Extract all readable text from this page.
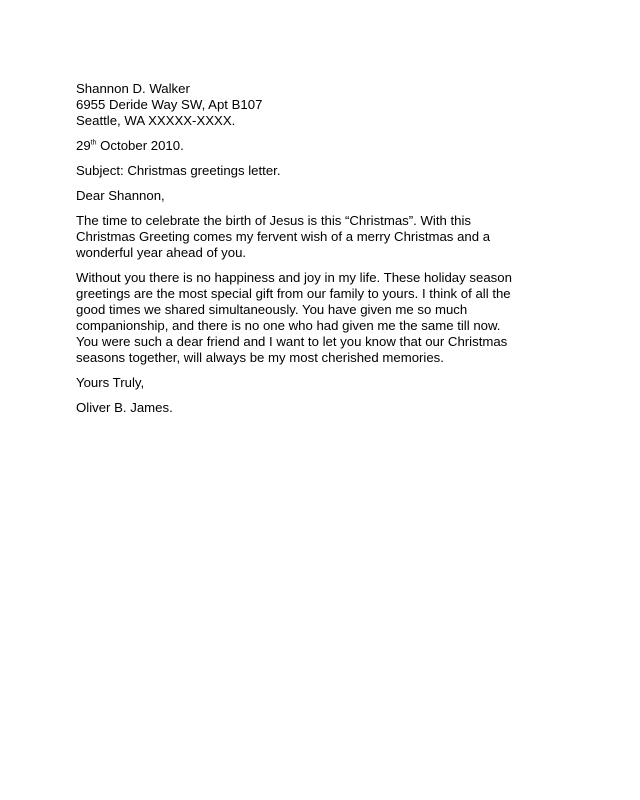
Shannon D. Walker
6955 Deride Way SW, Apt B107
Seattle, WA XXXXX-XXXX.
29th October 2010.
Subject: Christmas greetings letter.
Dear Shannon,
The time to celebrate the birth of Jesus is this “Christmas”. With this
Christmas Greeting comes my fervent wish of a merry Christmas and a
wonderful year ahead of you.
Without you there is no happiness and joy in my life. These holiday season
greetings are the most special gift from our family to yours. I think of all the
good times we shared simultaneously. You have given me so much
companionship, and there is no one who had given me the same till now.
You were such a dear friend and I want to let you know that our Christmas
seasons together, will always be my most cherished memories.
Yours Truly,
Oliver B. James.
